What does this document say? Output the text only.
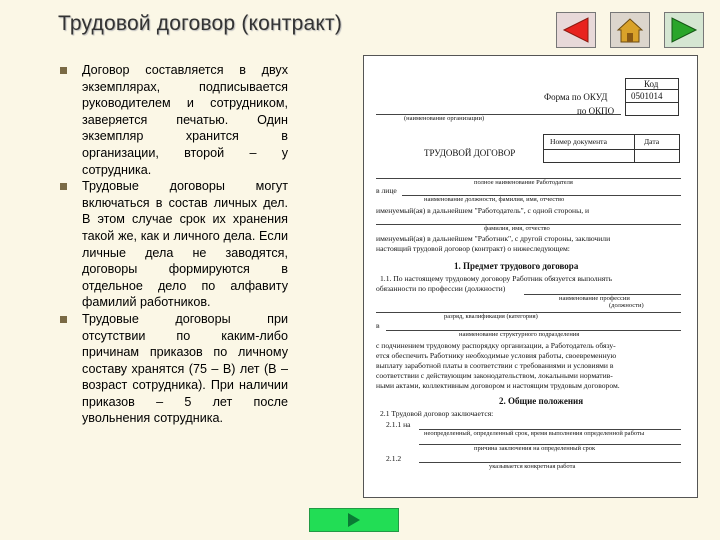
Трудовой договор (контракт)
Договор составляется в двух экземплярах, подписывается руководителем и сотрудником, заверяется печатью. Один экземпляр хранится в организации, второй – у сотрудника.
Трудовые договоры могут включаться в состав личных дел. В этом случае срок их хранения такой же, как и личного дела. Если личные дела не заводятся, договоры формируются в отдельное дело по алфавиту фамилий работников.
Трудовые договоры при отсутствии по каким-либо причинам приказов по личному составу хранятся (75 – В) лет (В – возраст сотрудника). При наличии приказов – 5 лет после увольнения сотрудника.
Код
0501014
Форма по ОКУД
по ОКПО
(наименование организации)
Номер документа	Дата
ТРУДОВОЙ ДОГОВОР
полное наименование Работодателя
в лице
наименование должности, фамилия, имя, отчество
именуемый(ая) в дальнейшем "Работодатель", с одной стороны, и
фамилия, имя, отчество
именуемый(ая) в дальнейшем "Работник", с другой стороны, заключили
настоящий трудовой договор (контракт) о нижеследующем:
1. Предмет трудового договора
1.1. По настоящему трудовому договору Работник обязуется выполнять
обязанности по профессии (должности)
наименование профессии
(должности)
разряд, квалификация (категория)
в
наименование структурного подразделения
с подчинением трудовому распорядку организации, а Работодатель обязу-
ется обеспечить Работнику необходимые условия работы, своевременную
выплату заработной платы в соответствии с требованиями и условиями в
соответствии с действующим законодательством, локальными норматив-
ными актами, коллективным договором и настоящим трудовым договором.
2. Общие положения
2.1 Трудовой договор заключается:
2.1.1 на
неопределенный, определенный срок, время выполнения определенной работы
причина заключения на определенный срок
2.1.2
указывается конкретная работа
